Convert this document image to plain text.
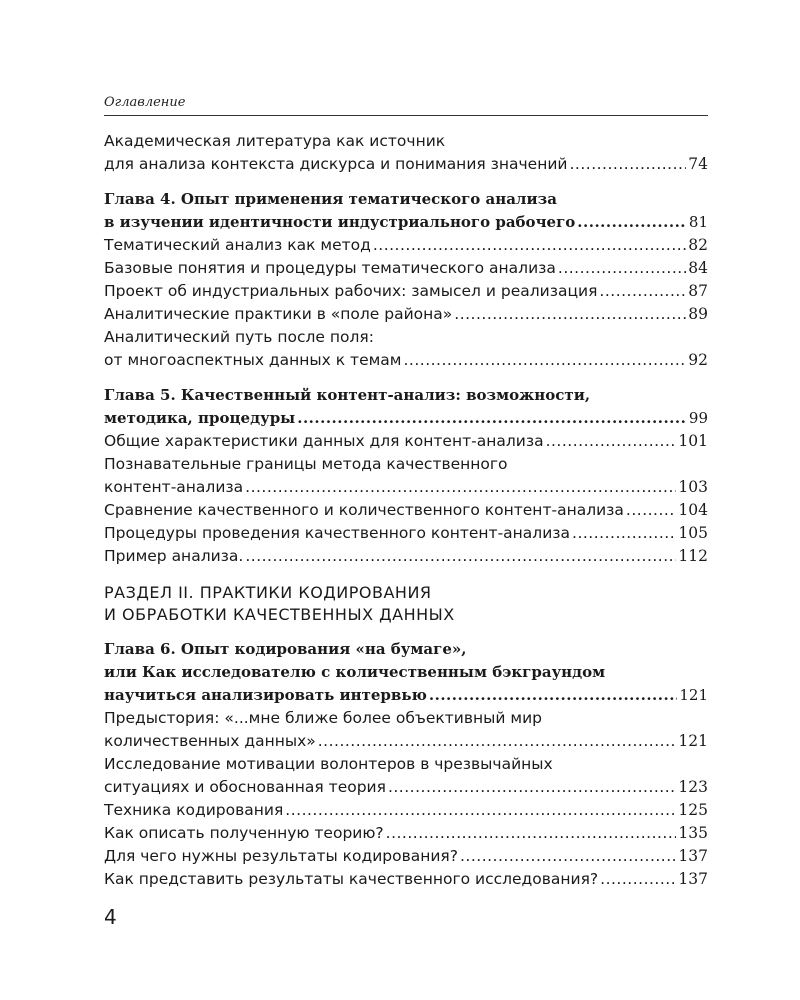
Оглавление
Академическая литература как источник
для анализа контекста дискурса и понимания значений .....	74
Глава 4. Опыт применения тематического анализа
в изучении идентичности индустриального рабочего .....	81
Тематический анализ как метод .....	82
Базовые понятия и процедуры тематического анализа .....	84
Проект об индустриальных рабочих: замысел и реализация .....	87
Аналитические практики в «поле района» .....	89
Аналитический путь после поля:
от многоаспектных данных к темам .....	92
Глава 5. Качественный контент-анализ: возможности,
методика, процедуры .....	99
Общие характеристики данных для контент-анализа .....	101
Познавательные границы метода качественного
контент-анализа .....	103
Сравнение качественного и количественного контент-анализа .....	104
Процедуры проведения качественного контент-анализа .....	105
Пример анализа. .....	112
РАЗДЕЛ II. ПРАКТИКИ КОДИРОВАНИЯ
И ОБРАБОТКИ КАЧЕСТВЕННЫХ ДАННЫХ
Глава 6. Опыт кодирования «на бумаге»,
или Как исследователю с количественным бэкграундом
научиться анализировать интервью .....	121
Предыстория: «...мне ближе более объективный мир
количественных данных» .....	121
Исследование мотивации волонтеров в чрезвычайных
ситуациях и обоснованная теория .....	123
Техника кодирования .....	125
Как описать полученную теорию? .....	135
Для чего нужны результаты кодирования? .....	137
Как представить результаты качественного исследования? .....	137
4
